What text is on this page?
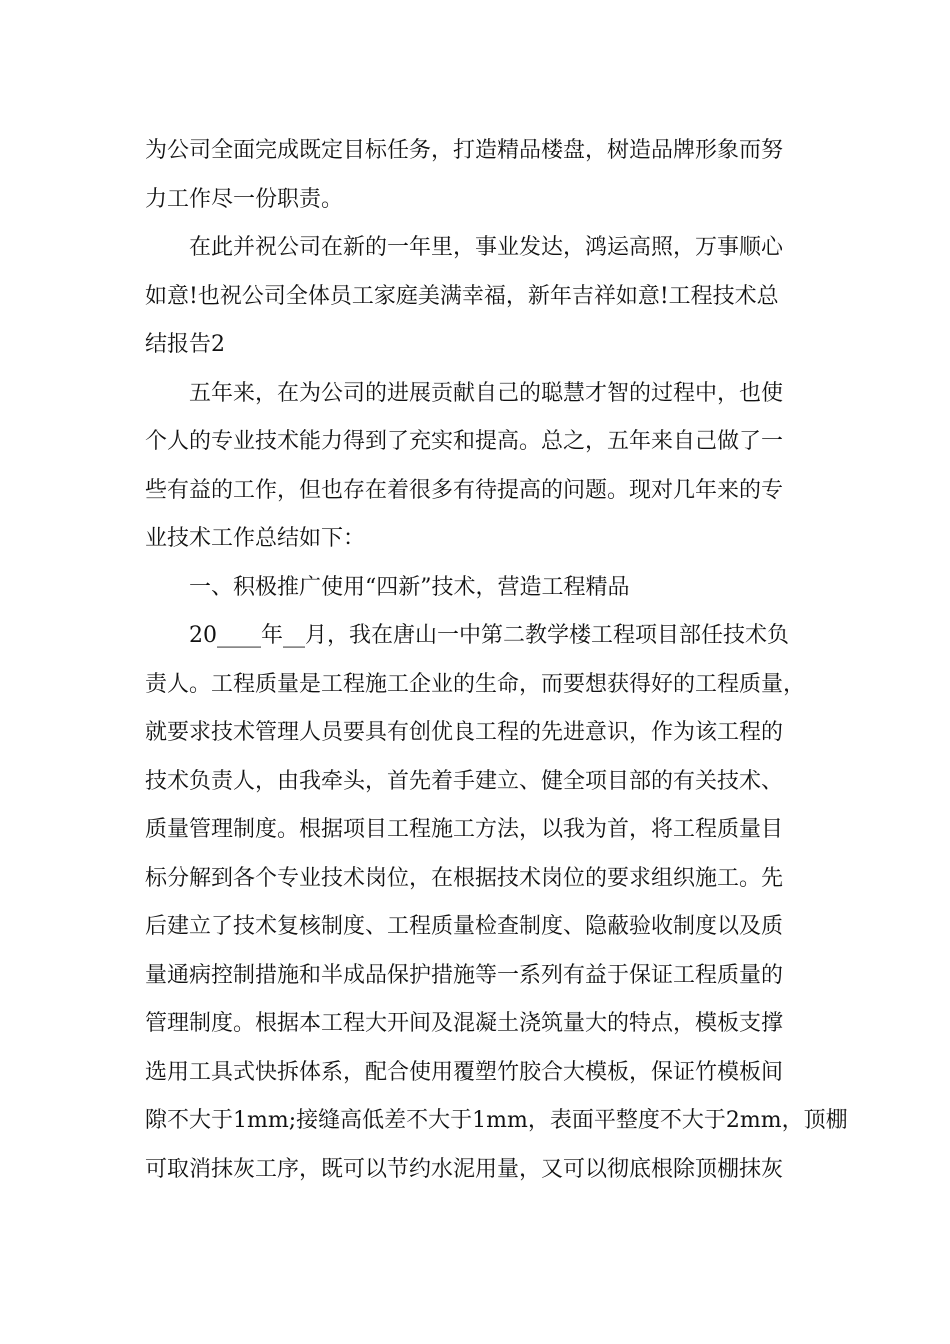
为公司全面完成既定目标任务，打造精品楼盘，树造品牌形象而努
力工作尽一份职责。
在此并祝公司在新的一年里，事业发达，鸿运高照，万事顺心
如意!也祝公司全体员工家庭美满幸福，新年吉祥如意!工程技术总
结报告2
五年来，在为公司的进展贡献自己的聪慧才智的过程中，也使
个人的专业技术能力得到了充实和提高。总之，五年来自己做了一
些有益的工作，但也存在着很多有待提高的问题。现对几年来的专
业技术工作总结如下：
一、积极推广使用“四新”技术，营造工程精品
20____年__月，我在唐山一中第二教学楼工程项目部任技术负
责人。工程质量是工程施工企业的生命，而要想获得好的工程质量，
就要求技术管理人员要具有创优良工程的先进意识，作为该工程的
技术负责人，由我牵头，首先着手建立、健全项目部的有关技术、
质量管理制度。根据项目工程施工方法，以我为首，将工程质量目
标分解到各个专业技术岗位，在根据技术岗位的要求组织施工。先
后建立了技术复核制度、工程质量检查制度、隐蔽验收制度以及质
量通病控制措施和半成品保护措施等一系列有益于保证工程质量的
管理制度。根据本工程大开间及混凝土浇筑量大的特点，模板支撑
选用工具式快拆体系，配合使用覆塑竹胶合大模板，保证竹模板间
隙不大于1mm;接缝高低差不大于1mm，表面平整度不大于2mm，顶棚
可取消抹灰工序，既可以节约水泥用量，又可以彻底根除顶棚抹灰
